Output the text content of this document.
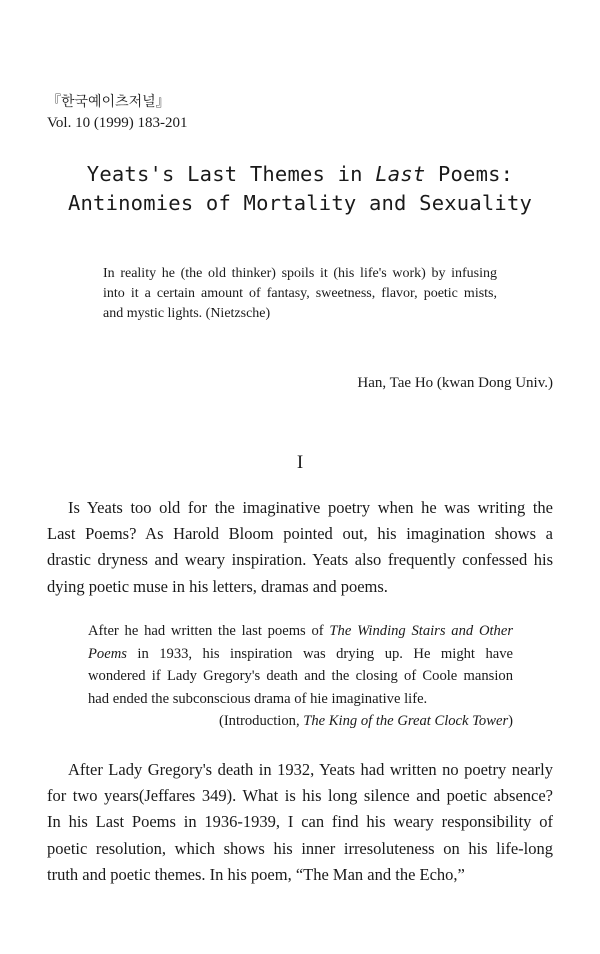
『한국예이츠저널』
Vol. 10 (1999) 183-201
Yeats's Last Themes in Last Poems:
Antinomies of Mortality and Sexuality
In reality he (the old thinker) spoils it (his life's work) by infusing
into it a certain amount of fantasy, sweetness, flavor, poetic mists,
and mystic lights. (Nietzsche)
Han, Tae Ho (kwan Dong Univ.)
I
Is Yeats too old for the imaginative poetry when he was writing the
Last Poems? As Harold Bloom pointed out, his imagination shows a
drastic dryness and weary inspiration. Yeats also frequently confessed his
dying poetic muse in his letters, dramas and poems.
After he had written the last poems of The Winding Stairs and Other
Poems in 1933, his inspiration was drying up. He might have
wondered if Lady Gregory's death and the closing of Coole mansion
had ended the subconscious drama of hie imaginative life.
(Introduction, The King of the Great Clock Tower)
After Lady Gregory's death in 1932, Yeats had written no poetry nearly
for two years(Jeffares 349). What is his long silence and poetic absence?
In his Last Poems in 1936-1939, I can find his weary responsibility of
poetic resolution, which shows his inner irresoluteness on his life-long
truth and poetic themes. In his poem, “The Man and the Echo,”
